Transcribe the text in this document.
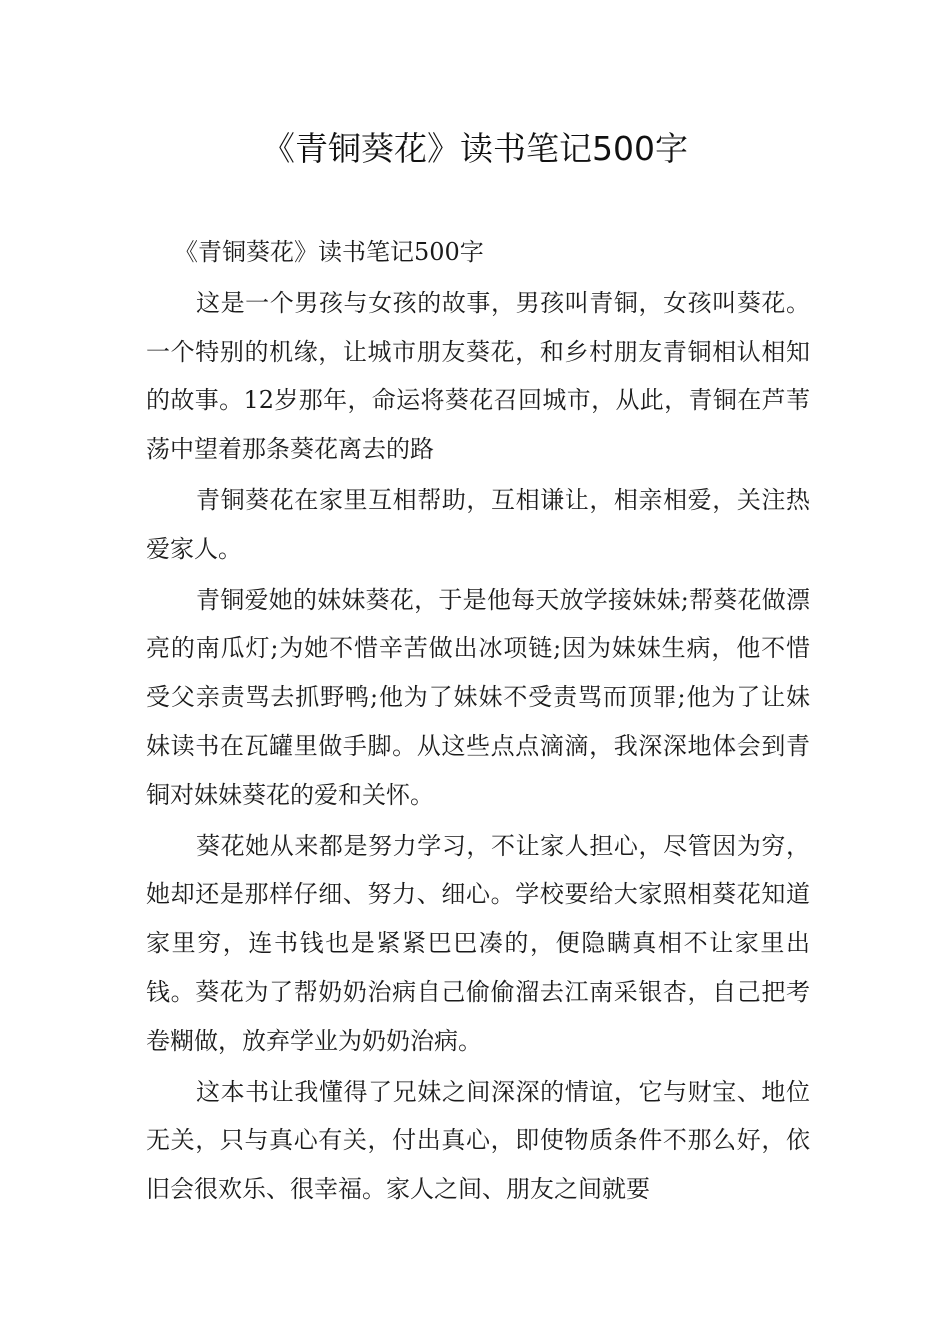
《青铜葵花》读书笔记500字

《青铜葵花》读书笔记500字

这是一个男孩与女孩的故事，男孩叫青铜，女孩叫葵花。一个特别的机缘，让城市朋友葵花，和乡村朋友青铜相认相知的故事。12岁那年，命运将葵花召回城市，从此，青铜在芦苇荡中望着那条葵花离去的路

青铜葵花在家里互相帮助，互相谦让，相亲相爱，关注热爱家人。

青铜爱她的妹妹葵花，于是他每天放学接妹妹;帮葵花做漂亮的南瓜灯;为她不惜辛苦做出冰项链;因为妹妹生病，他不惜受父亲责骂去抓野鸭;他为了妹妹不受责骂而顶罪;他为了让妹妹读书在瓦罐里做手脚。从这些点点滴滴，我深深地体会到青铜对妹妹葵花的爱和关怀。

葵花她从来都是努力学习，不让家人担心，尽管因为穷，她却还是那样仔细、努力、细心。学校要给大家照相葵花知道家里穷，连书钱也是紧紧巴巴凑的，便隐瞒真相不让家里出钱。葵花为了帮奶奶治病自己偷偷溜去江南采银杏，自己把考卷糊做，放弃学业为奶奶治病。

这本书让我懂得了兄妹之间深深的情谊，它与财宝、地位无关，只与真心有关，付出真心，即使物质条件不那么好，依旧会很欢乐、很幸福。家人之间、朋友之间就要
